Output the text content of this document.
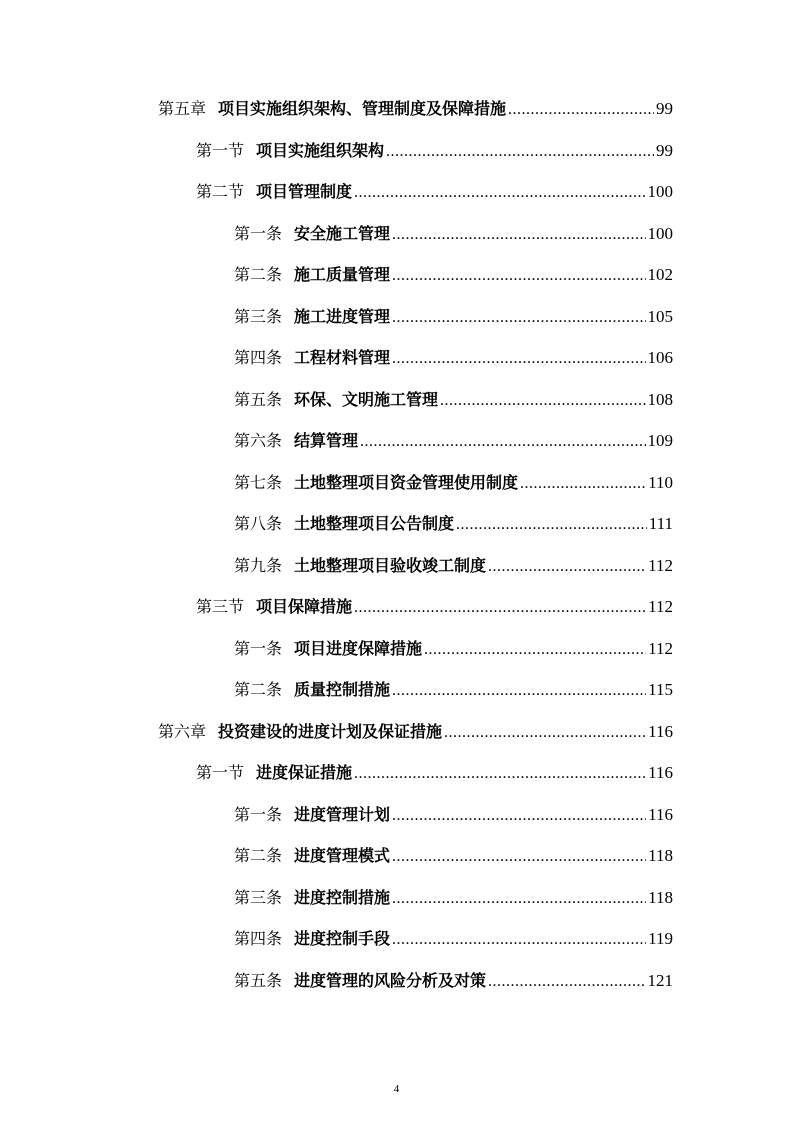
第五章 项目实施组织架构、管理制度及保障措施 .....	99
第一节 项目实施组织架构 .....	99
第二节 项目管理制度 .....	100
第一条 安全施工管理 .....	100
第二条 施工质量管理 .....	102
第三条 施工进度管理 .....	105
第四条 工程材料管理 .....	106
第五条 环保、文明施工管理 .....	108
第六条 结算管理 .....	109
第七条 土地整理项目资金管理使用制度 .....	110
第八条 土地整理项目公告制度 .....	111
第九条 土地整理项目验收竣工制度 .....	112
第三节 项目保障措施 .....	112
第一条 项目进度保障措施 .....	112
第二条 质量控制措施 .....	115
第六章 投资建设的进度计划及保证措施 .....	116
第一节 进度保证措施 .....	116
第一条 进度管理计划 .....	116
第二条 进度管理模式 .....	118
第三条 进度控制措施 .....	118
第四条 进度控制手段 .....	119
第五条 进度管理的风险分析及对策 .....	121
4
